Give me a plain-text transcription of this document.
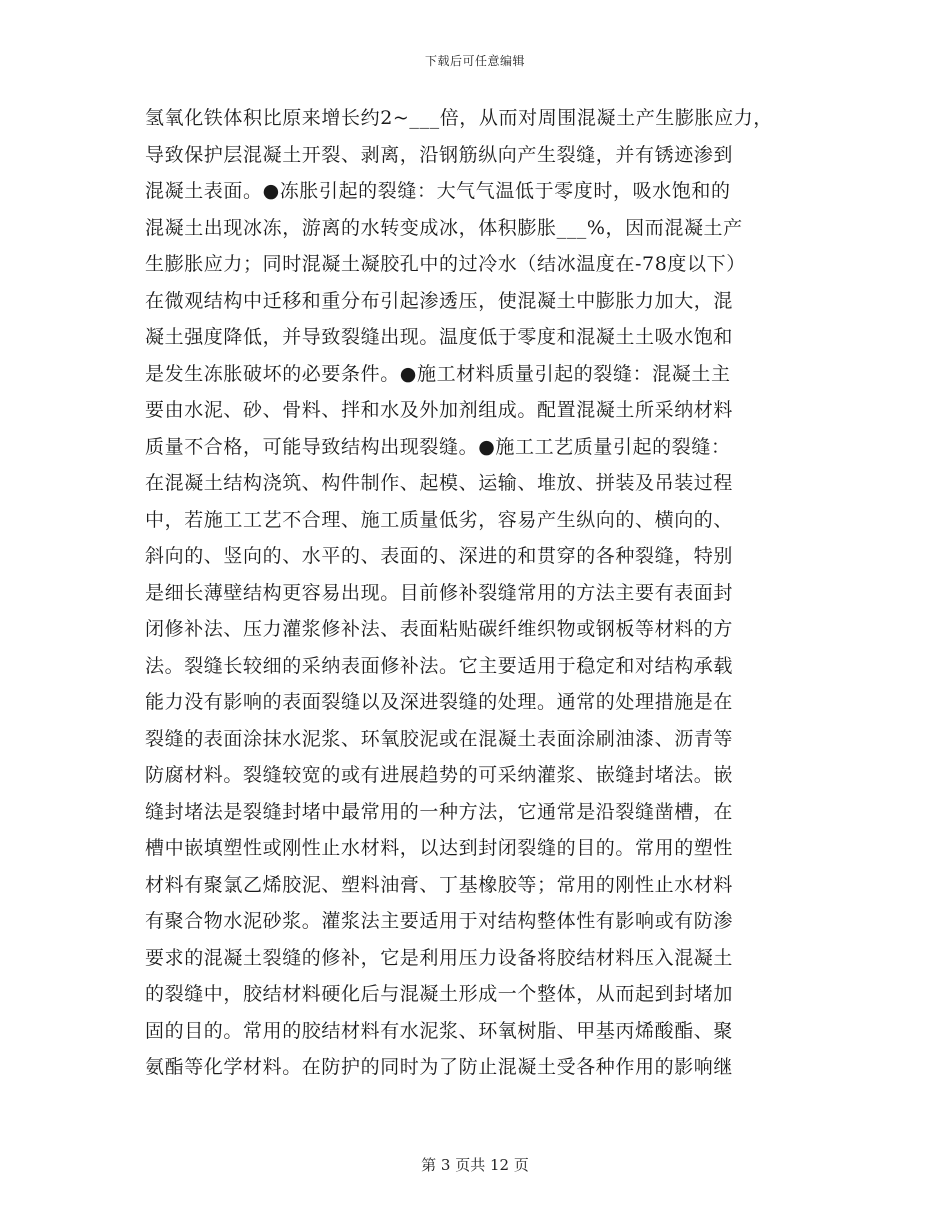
下载后可任意编辑
氢氧化铁体积比原来增长约2~___倍，从而对周围混凝土产生膨胀应力，
导致保护层混凝土开裂、剥离，沿钢筋纵向产生裂缝，并有锈迹渗到
混凝土表面。●冻胀引起的裂缝：大气气温低于零度时，吸水饱和的
混凝土出现冰冻，游离的水转变成冰，体积膨胀___%，因而混凝土产
生膨胀应力；同时混凝土凝胶孔中的过冷水（结冰温度在-78度以下）
在微观结构中迁移和重分布引起渗透压，使混凝土中膨胀力加大，混
凝土强度降低，并导致裂缝出现。温度低于零度和混凝土土吸水饱和
是发生冻胀破坏的必要条件。●施工材料质量引起的裂缝：混凝土主
要由水泥、砂、骨料、拌和水及外加剂组成。配置混凝土所采纳材料
质量不合格，可能导致结构出现裂缝。●施工工艺质量引起的裂缝：
在混凝土结构浇筑、构件制作、起模、运输、堆放、拼装及吊装过程
中，若施工工艺不合理、施工质量低劣，容易产生纵向的、横向的、
斜向的、竖向的、水平的、表面的、深进的和贯穿的各种裂缝，特别
是细长薄壁结构更容易出现。目前修补裂缝常用的方法主要有表面封
闭修补法、压力灌浆修补法、表面粘贴碳纤维织物或钢板等材料的方
法。裂缝长较细的采纳表面修补法。它主要适用于稳定和对结构承载
能力没有影响的表面裂缝以及深进裂缝的处理。通常的处理措施是在
裂缝的表面涂抹水泥浆、环氧胶泥或在混凝土表面涂刷油漆、沥青等
防腐材料。裂缝较宽的或有进展趋势的可采纳灌浆、嵌缝封堵法。嵌
缝封堵法是裂缝封堵中最常用的一种方法，它通常是沿裂缝凿槽，在
槽中嵌填塑性或刚性止水材料，以达到封闭裂缝的目的。常用的塑性
材料有聚氯乙烯胶泥、塑料油膏、丁基橡胶等；常用的刚性止水材料
有聚合物水泥砂浆。灌浆法主要适用于对结构整体性有影响或有防渗
要求的混凝土裂缝的修补，它是利用压力设备将胶结材料压入混凝土
的裂缝中，胶结材料硬化后与混凝土形成一个整体，从而起到封堵加
固的目的。常用的胶结材料有水泥浆、环氧树脂、甲基丙烯酸酯、聚
氨酯等化学材料。在防护的同时为了防止混凝土受各种作用的影响继
第 3 页共 12 页
